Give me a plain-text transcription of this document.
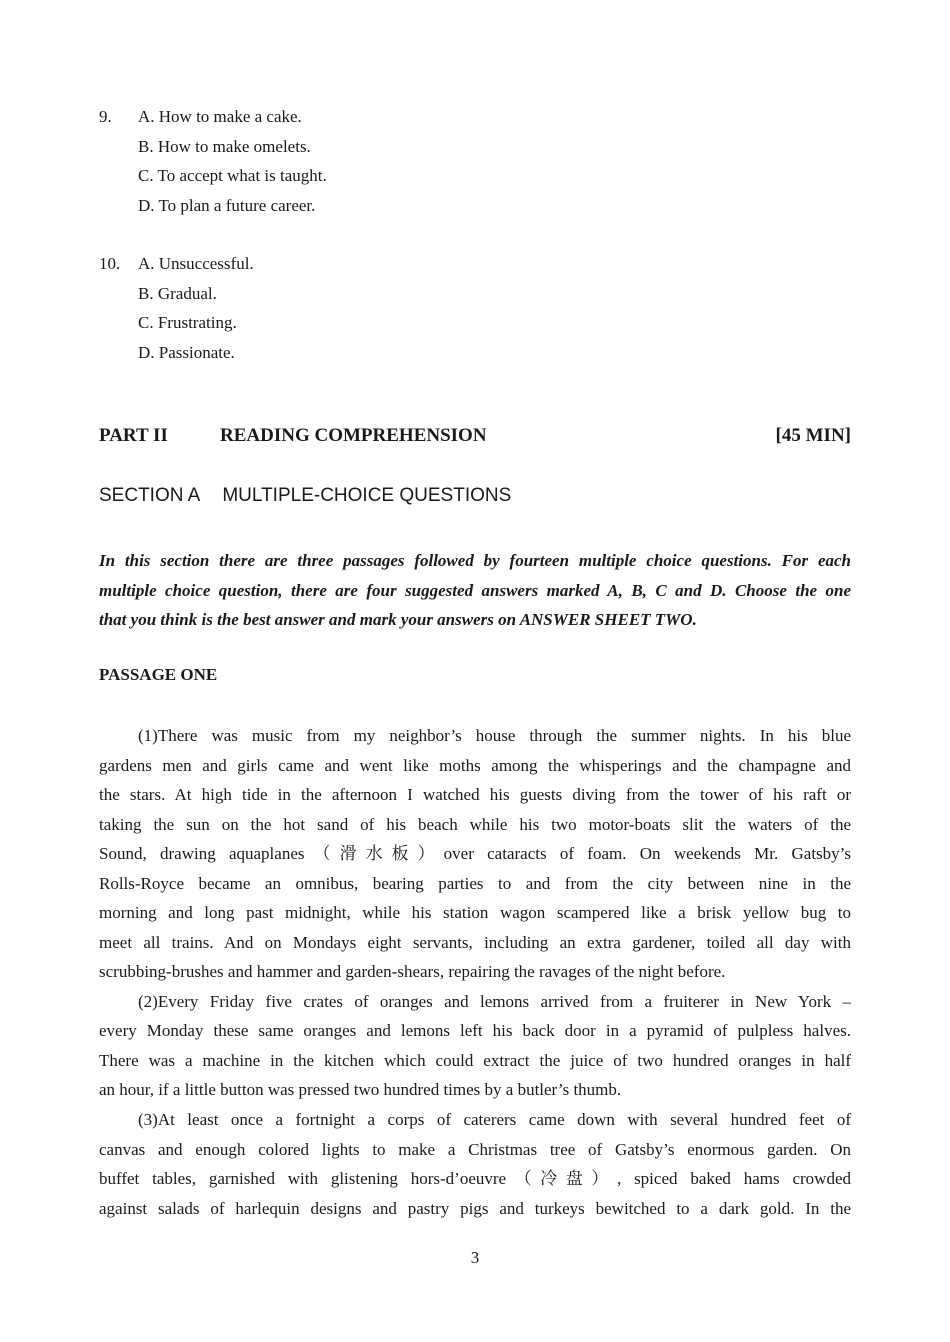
9. A. How to make a cake.
B. How to make omelets.
C. To accept what is taught.
D. To plan a future career.
10. A. Unsuccessful.
B. Gradual.
C. Frustrating.
D. Passionate.
PART II	READING COMPREHENSION	[45 MIN]
SECTION A MULTIPLE-CHOICE QUESTIONS
In this section there are three passages followed by fourteen multiple choice questions. For each
multiple choice question, there are four suggested answers marked A, B, C and D. Choose the one
that you think is the best answer and mark your answers on ANSWER SHEET TWO.
PASSAGE ONE
(1)There was music from my neighbor’s house through the summer nights. In his blue
gardens men and girls came and went like moths among the whisperings and the champagne and
the stars. At high tide in the afternoon I watched his guests diving from the tower of his raft or
taking the sun on the hot sand of his beach while his two motor-boats slit the waters of the
Sound, drawing aquaplanes（滑水板）over cataracts of foam. On weekends Mr. Gatsby’s
Rolls-Royce became an omnibus, bearing parties to and from the city between nine in the
morning and long past midnight, while his station wagon scampered like a brisk yellow bug to
meet all trains. And on Mondays eight servants, including an extra gardener, toiled all day with
scrubbing-brushes and hammer and garden-shears, repairing the ravages of the night before.
(2)Every Friday five crates of oranges and lemons arrived from a fruiterer in New York –
every Monday these same oranges and lemons left his back door in a pyramid of pulpless halves.
There was a machine in the kitchen which could extract the juice of two hundred oranges in half
an hour, if a little button was pressed two hundred times by a butler’s thumb.
(3)At least once a fortnight a corps of caterers came down with several hundred feet of
canvas and enough colored lights to make a Christmas tree of Gatsby’s enormous garden. On
buffet tables, garnished with glistening hors-d’oeuvre（冷盘）, spiced baked hams crowded
against salads of harlequin designs and pastry pigs and turkeys bewitched to a dark gold. In the
3
